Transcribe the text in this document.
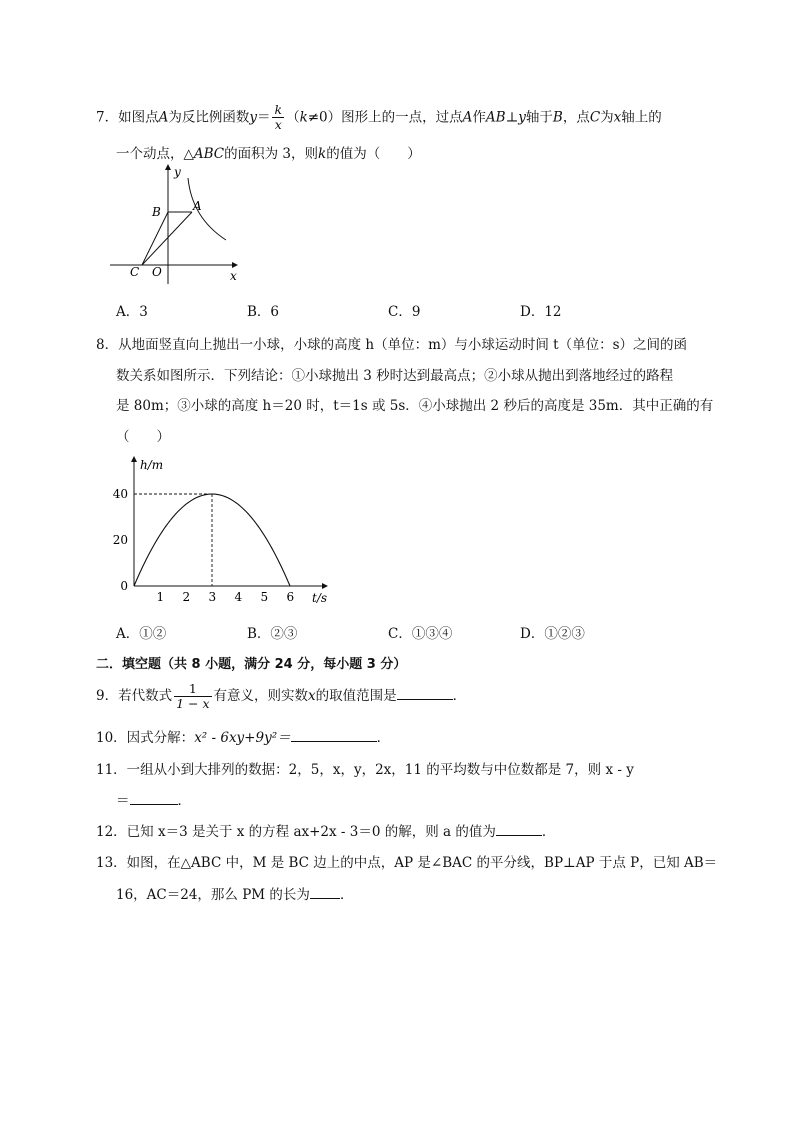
7．如图点A为反比例函数$y= \frac{k}{x} (k\ne 0)$图形上的一点，过点A作AB⊥y轴于B，点C为x轴上的
一个动点，△ABC的面积为 3，则k的值为（　　）
y
B	A
C O	x
A．3	B．6	C．9	D．12
8．从地面竖直向上抛出一小球，小球的高度 h（单位：m）与小球运动时间 t（单位：s）之间的函
数关系如图所示．下列结论：①小球抛出 3 秒时达到最高点；②小球从抛出到落地经过的路程
是 80m；③小球的高度 h＝20 时，t＝1s 或 5s．④小球抛出 2 秒后的高度是 35m．其中正确的有
（　　）
h/m
t/s
1 2 3 4 5 6
0
20
40
A．①②	B．②③	C．①③④	D．①②③
二．填空题（共 8 小题，满分 24 分，每小题 3 分）
9．若代数式 $\frac{1}{1 - x}$ 有意义，则实数x的取值范围是	．
10．因式分解：x² - 6xy+9y²＝	．
11．一组从小到大排列的数据：2，5，x，y，2x，11 的平均数与中位数都是 7，则 x - y
＝	．
12．已知 x＝3 是关于 x 的方程 ax+2x - 3＝0 的解，则 a 的值为	．
13．如图，在△ABC 中，M 是 BC 边上的中点，AP 是∠BAC 的平分线，BP⊥AP 于点 P，已知 AB＝
16，AC＝24，那么 PM 的长为 ．
